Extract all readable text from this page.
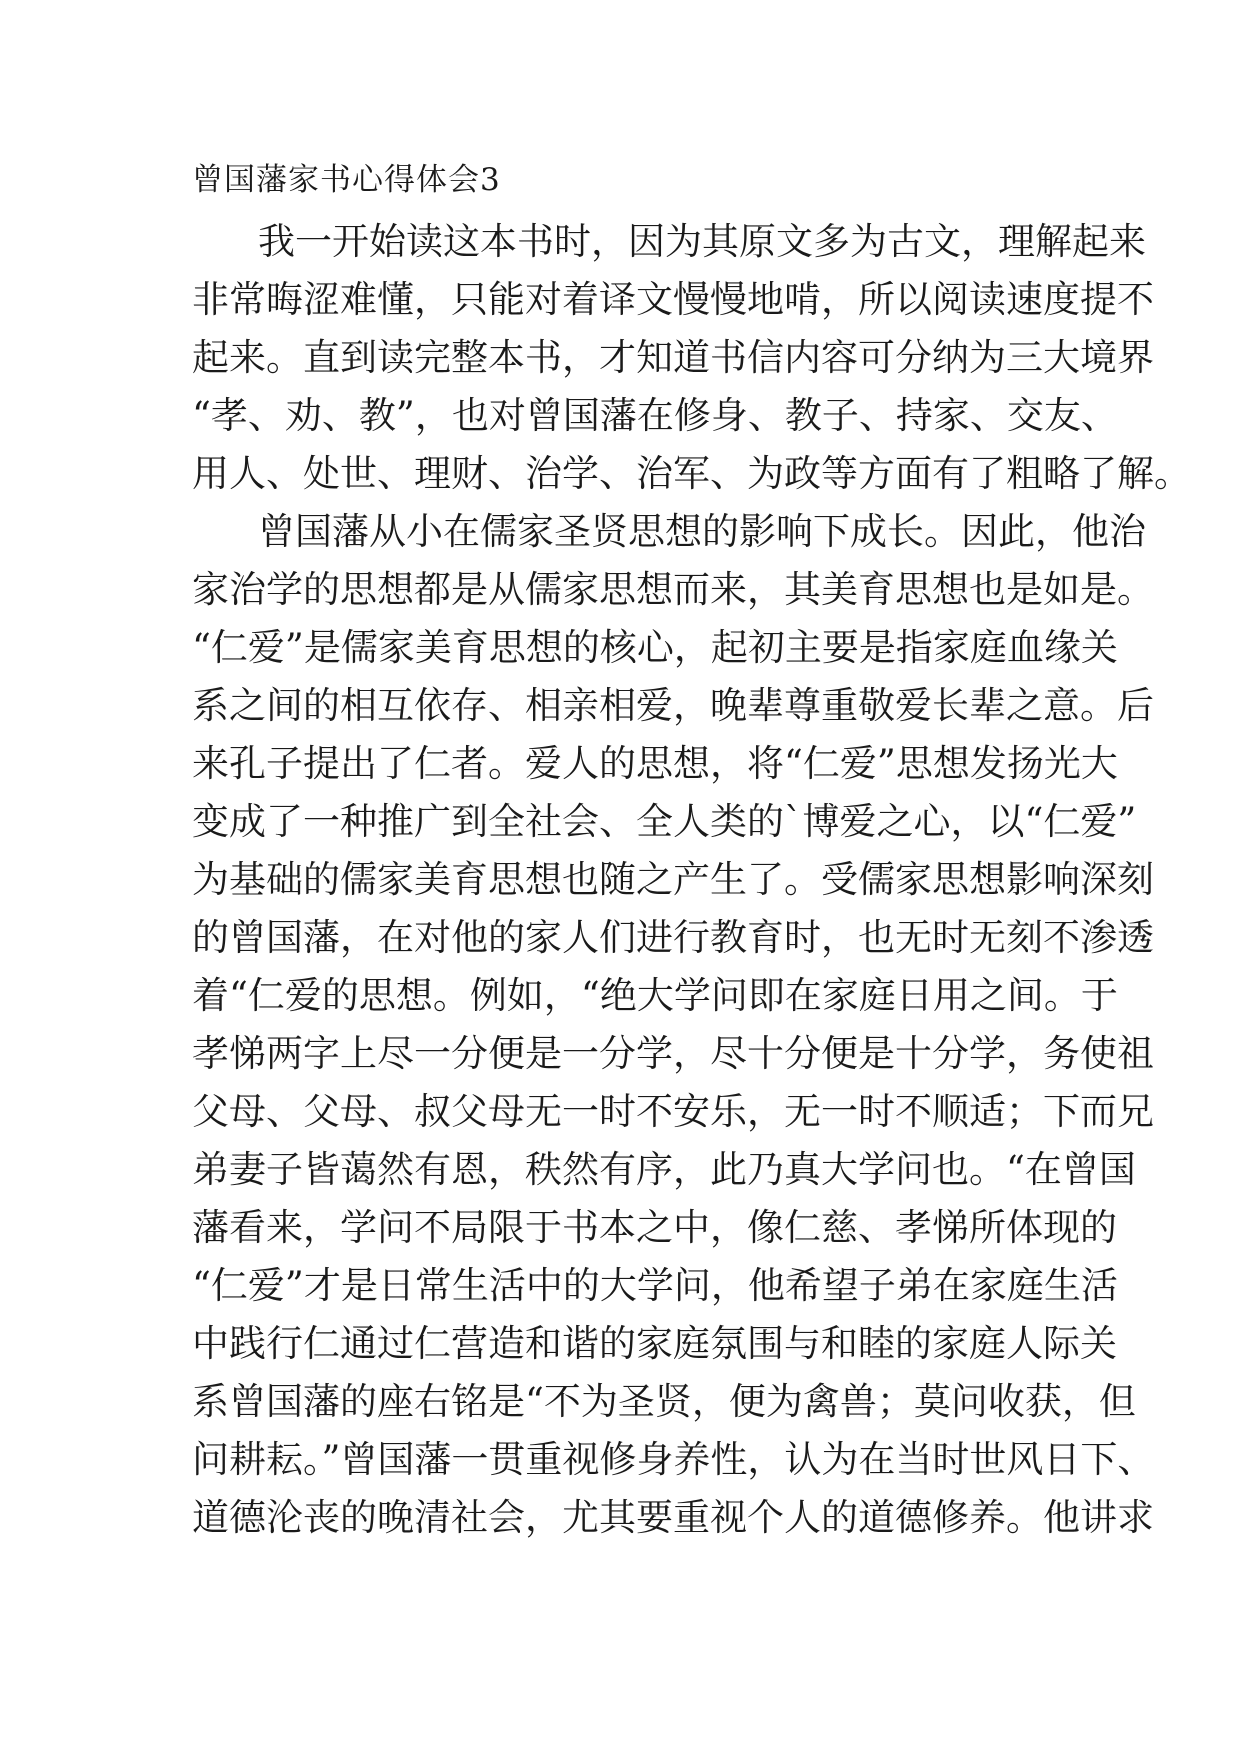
曾国藩家书心得体会3
我一开始读这本书时，因为其原文多为古文，理解起来
非常晦涩难懂，只能对着译文慢慢地啃，所以阅读速度提不
起来。直到读完整本书，才知道书信内容可分纳为三大境界
“孝、劝、教”，也对曾国藩在修身、教子、持家、交友、
用人、处世、理财、治学、治军、为政等方面有了粗略了解。
曾国藩从小在儒家圣贤思想的影响下成长。因此，他治
家治学的思想都是从儒家思想而来，其美育思想也是如是。
“仁爱”是儒家美育思想的核心，起初主要是指家庭血缘关
系之间的相互依存、相亲相爱，晚辈尊重敬爱长辈之意。后
来孔子提出了仁者。爱人的思想，将“仁爱”思想发扬光大
变成了一种推广到全社会、全人类的`博爱之心，以“仁爱”
为基础的儒家美育思想也随之产生了。受儒家思想影响深刻
的曾国藩，在对他的家人们进行教育时，也无时无刻不渗透
着“仁爱的思想。例如，“绝大学问即在家庭日用之间。于
孝悌两字上尽一分便是一分学，尽十分便是十分学，务使祖
父母、父母、叔父母无一时不安乐，无一时不顺适；下而兄
弟妻子皆蔼然有恩，秩然有序，此乃真大学问也。“在曾国
藩看来，学问不局限于书本之中，像仁慈、孝悌所体现的
“仁爱”才是日常生活中的大学问，他希望子弟在家庭生活
中践行仁通过仁营造和谐的家庭氛围与和睦的家庭人际关
系曾国藩的座右铭是“不为圣贤，便为禽兽；莫问收获，但
问耕耘。”曾国藩一贯重视修身养性，认为在当时世风日下、
道德沦丧的晚清社会，尤其要重视个人的道德修养。他讲求
